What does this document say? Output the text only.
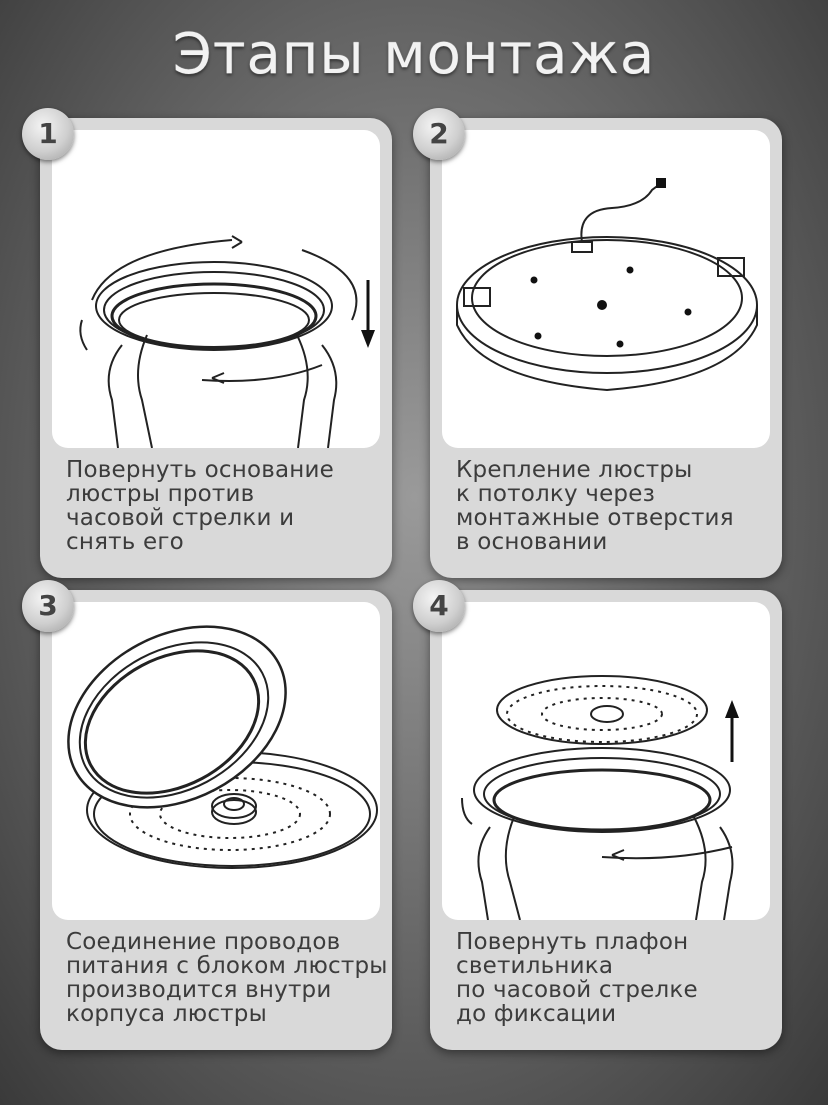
Этапы монтажа
Повернуть основание
люстры против
часовой стрелки и
снять его
1
Крепление люстры
к потолку через
монтажные отверстия
в основании
2
Соединение проводов
питания с блоком люстры
производится внутри
корпуса люстры
3
Повернуть плафон
светильника
по часовой стрелке
до фиксации
4
